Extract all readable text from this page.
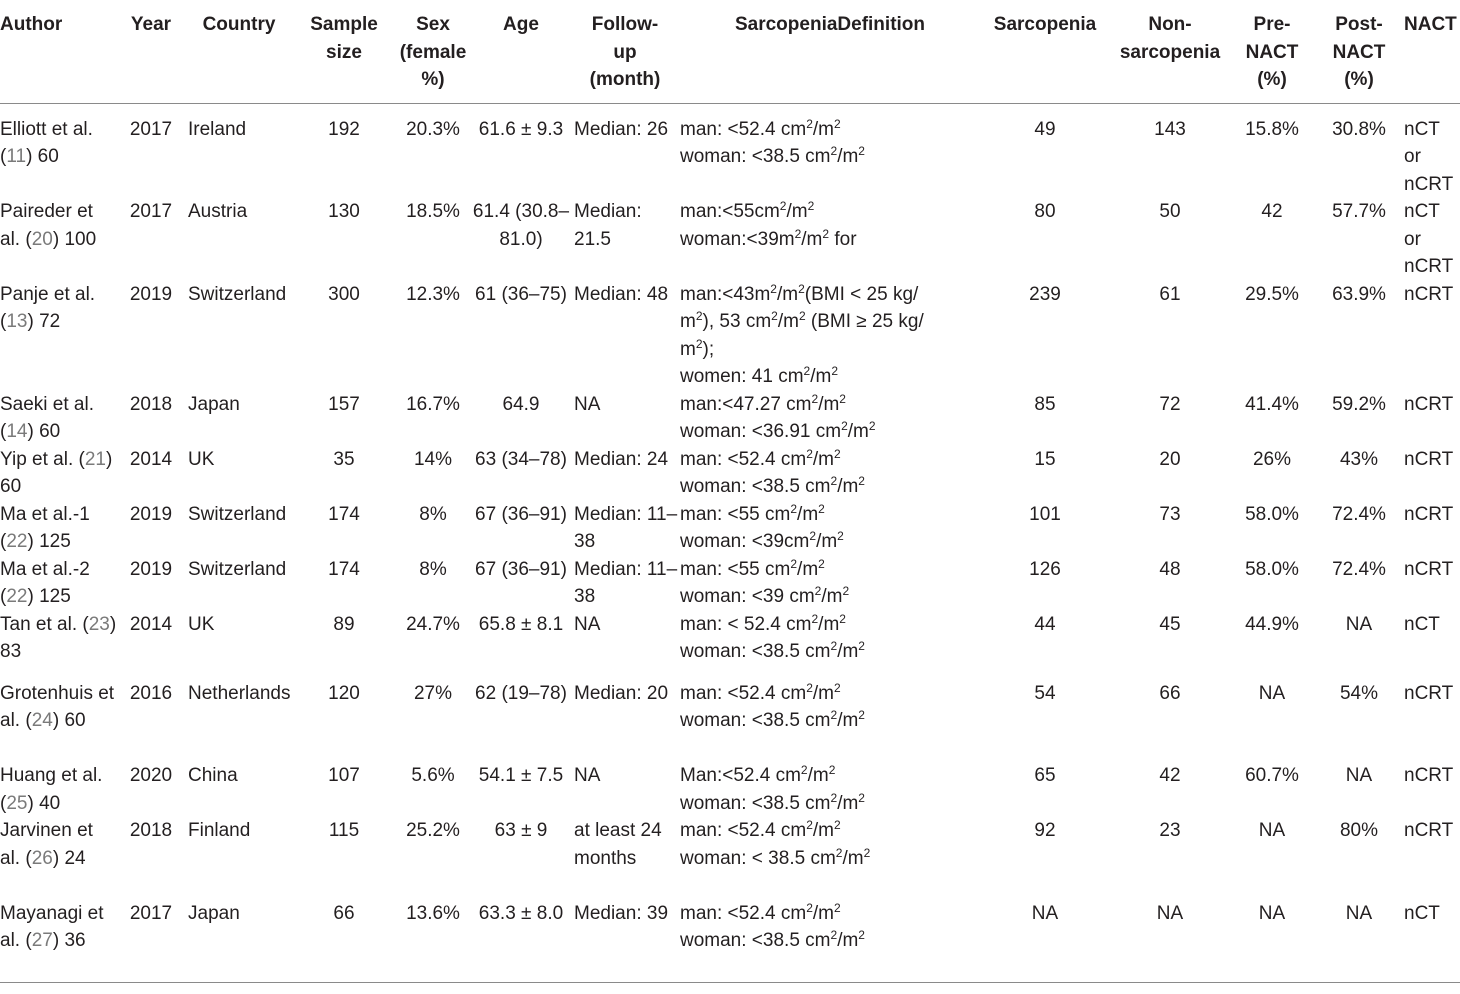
Author	Year	Country	Sample
size	Sex
(female
%)	Age	Follow-
up
(month)	SarcopeniaDefinition	Sarcopenia	Non-
sarcopenia	Pre-
NACT
(%)	Post-
NACT
(%)	NACT
Elliott et al. (11) 60	2017	Ireland	192	20.3%	61.6 ± 9.3	Median: 26	man: <52.4 $cm^2/m^2$
woman: <38.5 $cm^2/m^2$	49	143	15.8%	30.8%	nCT or nCRT
Paireder et al. (20) 100	2017	Austria	130	18.5%	61.4 (30.8–81.0)	Median: 21.5	$man:<55cm^2/m^2$
$woman:<39m^2/m^2$ for	80	50	42	57.7%	nCT or nCRT
Panje et al. (13) 72	2019	Switzerland	300	12.3%	61 (36–75)	Median: 48	$man:<43m^2/m^2(BMI < 25$ kg/
$m^2$), 53 $cm^2/m^2$ (BMI ≥ 25 kg/
$m^2$);
women: 41 $cm^2/m^2$	239	61	29.5%	63.9%	nCRT
Saeki et al. (14) 60	2018	Japan	157	16.7%	64.9	NA	man:<47.27 $cm^2/m^2$
woman: <36.91 $cm^2/m^2$	85	72	41.4%	59.2%	nCRT
Yip et al. (21) 60	2014	UK	35	14%	63 (34–78)	Median: 24	man: <52.4 $cm^2/m^2$
woman: <38.5 $cm^2/m^2$	15	20	26%	43%	nCRT
Ma et al.-1 (22) 125	2019	Switzerland	174	8%	67 (36–91)	Median: 11–38	man: <55 $cm^2/m^2$
woman: $<39cm^2/m^2$	101	73	58.0%	72.4%	nCRT
Ma et al.-2 (22) 125	2019	Switzerland	174	8%	67 (36–91)	Median: 11–38	man: <55 $cm^2/m^2$
woman: <39 $cm^2/m^2$	126	48	58.0%	72.4%	nCRT
Tan et al. (23) 83	2014	UK	89	24.7%	65.8 ± 8.1	NA	man: < 52.4 $cm^2/m^2$
woman: <38.5 $cm^2/m^2$	44	45	44.9%	NA	nCT
Grotenhuis et al. (24) 60	2016	Netherlands	120	27%	62 (19–78)	Median: 20	man: <52.4 $cm^2/m^2$
woman: <38.5 $cm^2/m^2$	54	66	NA	54%	nCRT
Huang et al. (25) 40	2020	China	107	5.6%	54.1 ± 7.5	NA	Man:<52.4 $cm^2/m^2$
woman: <38.5 $cm^2/m^2$	65	42	60.7%	NA	nCRT
Jarvinen et al. (26) 24	2018	Finland	115	25.2%	63 ± 9	at least 24 months	man: <52.4 $cm^2/m^2$
woman: < 38.5 $cm^2/m^2$	92	23	NA	80%	nCRT
Mayanagi et al. (27) 36	2017	Japan	66	13.6%	63.3 ± 8.0	Median: 39	man: <52.4 $cm^2/m^2$
woman: <38.5 $cm^2/m^2$	NA	NA	NA	NA	nCT
